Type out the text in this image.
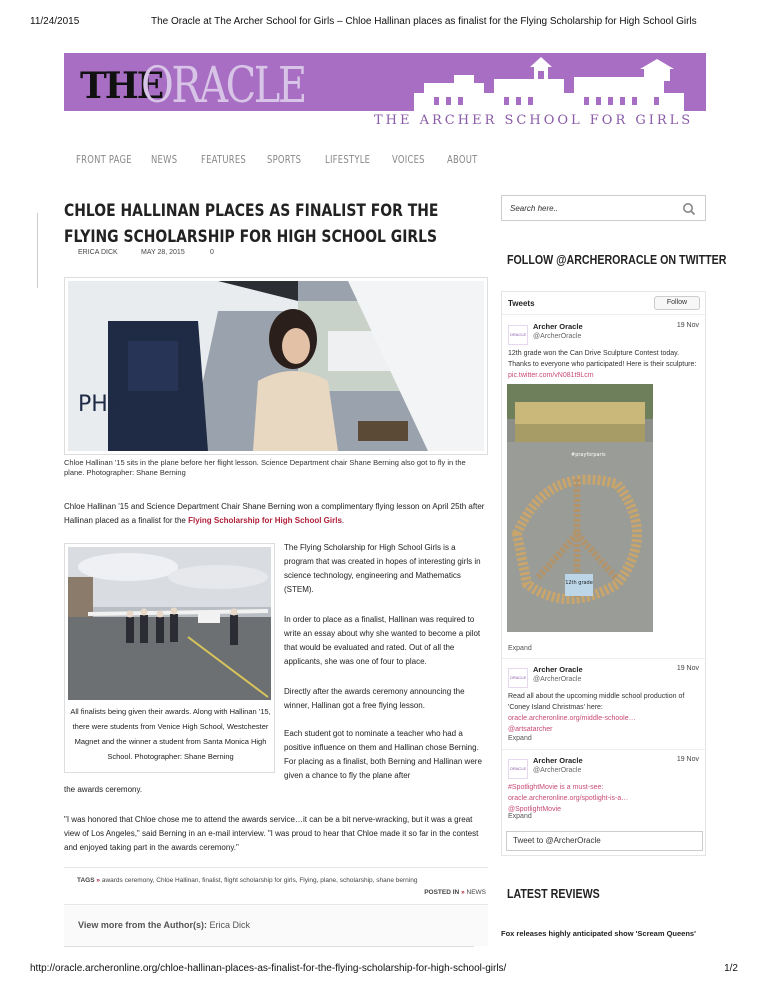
11/24/2015	The Oracle at The Archer School for Girls – Chloe Hallinan places as finalist for the Flying Scholarship for High School Girls
THE
ORACLE
THE ARCHER SCHOOL FOR GIRLS
FRONT PAGE NEWS FEATURES SPORTS LIFESTYLE VOICES ABOUT
CHLOE HALLINAN PLACES AS FINALIST FOR THE FLYING SCHOLARSHIP FOR HIGH SCHOOL GIRLS
ERICA DICK	MAY 28, 2015	0
PHA
Chloe Hallinan '15 sits in the plane before her flight lesson. Science Department chair Shane Berning also got to fly in the plane. Photographer: Shane Berning

Chloe Hallinan '15 and Science Department Chair Shane Berning won a complimentary flying lesson on April 25th after Hallinan placed as a finalist for the Flying Scholarship for High School Girls.

All finalists being given their awards. Along with Hallinan '15, there were students from Venice High School, Westchester Magnet and the winner a student from Santa Monica High School. Photographer: Shane Berning

The Flying Scholarship for High School Girls is a program that was created in hopes of interesting girls in science technology, engineering and Mathematics (STEM).

In order to place as a finalist, Hallinan was required to write an essay about why she wanted to become a pilot that would be evaluated and rated. Out of all the applicants, she was one of four to place.

Directly after the awards ceremony announcing the winner, Hallinan got a free flying lesson.

Each student got to nominate a teacher who had a positive influence on them and Hallinan chose Berning. For placing as a finalist, both Berning and Hallinan were given a chance to fly the plane after

the awards ceremony.

"I was honored that Chloe chose me to attend the awards service…it can be a bit nerve-wracking, but it was a great view of Los Angeles," said Berning in an e-mail interview. "I was proud to hear that Chloe made it so far in the contest and enjoyed taking part in the awards ceremony."

TAGS » awards ceremony, Chloe Hallinan, finalist, flight scholarship for girls, Flying, plane, scholarship, shane berning
POSTED IN » NEWS
View more from the Author(s): Erica Dick
Search here..
FOLLOW @ARCHERORACLE ON TWITTER
Tweets	Follow
ORACLE
Archer Oracle
@ArcherOracle
19 Nov
12th grade won the Can Drive Sculpture Contest today. Thanks to everyone who participated! Here is their sculpture: pic.twitter.com/vN081t9Lcm
12th grade
#prayforparis
Expand
ORACLE
Archer Oracle
@ArcherOracle
19 Nov
Read all about the upcoming middle school production of 'Coney Island Christmas' here: oracle.archeronline.org/middle-schoole…
@artsatarcher
Expand
ORACLE
Archer Oracle
@ArcherOracle
19 Nov
#SpotlightMovie is a must-see:
oracle.archeronline.org/spotlight-is-a…
@SpotlightMovie
Expand
Tweet to @ArcherOracle
LATEST REVIEWS
Fox releases highly anticipated show 'Scream Queens'
http://oracle.archeronline.org/chloe-hallinan-places-as-finalist-for-the-flying-scholarship-for-high-school-girls/	1/2
